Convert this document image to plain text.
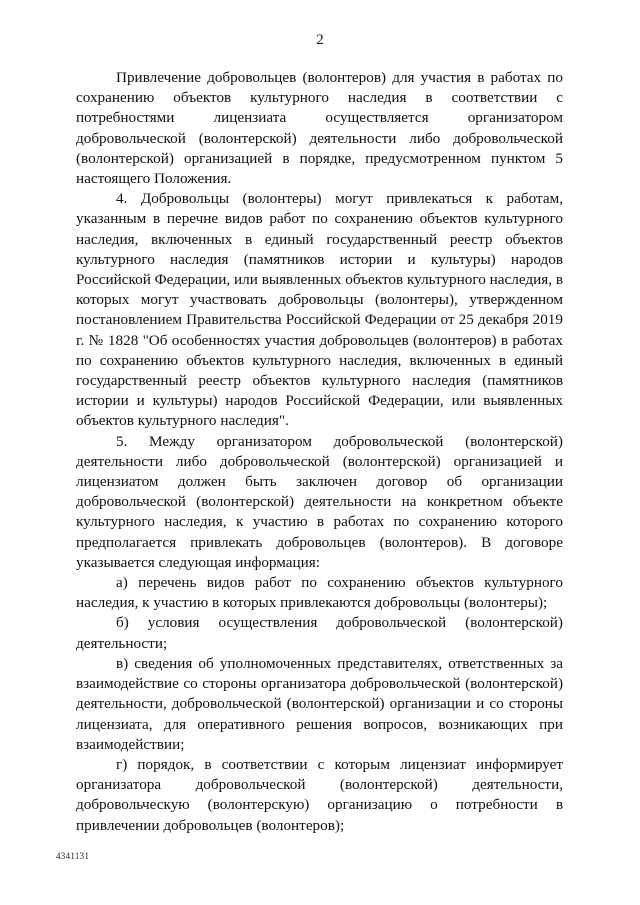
2

Привлечение добровольцев (волонтеров) для участия в работах по сохранению объектов культурного наследия в соответствии с потребностями лицензиата осуществляется организатором добровольческой (волонтерской) деятельности либо добровольческой (волонтерской) организацией в порядке, предусмотренном пунктом 5 настоящего Положения.

4. Добровольцы (волонтеры) могут привлекаться к работам, указанным в перечне видов работ по сохранению объектов культурного наследия, включенных в единый государственный реестр объектов культурного наследия (памятников истории и культуры) народов Российской Федерации, или выявленных объектов культурного наследия, в которых могут участвовать добровольцы (волонтеры), утвержденном постановлением Правительства Российской Федерации от 25 декабря 2019 г. № 1828 "Об особенностях участия добровольцев (волонтеров) в работах по сохранению объектов культурного наследия, включенных в единый государственный реестр объектов культурного наследия (памятников истории и культуры) народов Российской Федерации, или выявленных объектов культурного наследия".

5. Между организатором добровольческой (волонтерской) деятельности либо добровольческой (волонтерской) организацией и лицензиатом должен быть заключен договор об организации добровольческой (волонтерской) деятельности на конкретном объекте культурного наследия, к участию в работах по сохранению которого предполагается привлекать добровольцев (волонтеров). В договоре указывается следующая информация:

а) перечень видов работ по сохранению объектов культурного наследия, к участию в которых привлекаются добровольцы (волонтеры);

б) условия осуществления добровольческой (волонтерской) деятельности;

в) сведения об уполномоченных представителях, ответственных за взаимодействие со стороны организатора добровольческой (волонтерской) деятельности, добровольческой (волонтерской) организации и со стороны лицензиата, для оперативного решения вопросов, возникающих при взаимодействии;

г) порядок, в соответствии с которым лицензиат информирует организатора добровольческой (волонтерской) деятельности, добровольческую (волонтерскую) организацию о потребности в привлечении добровольцев (волонтеров);

4341131
